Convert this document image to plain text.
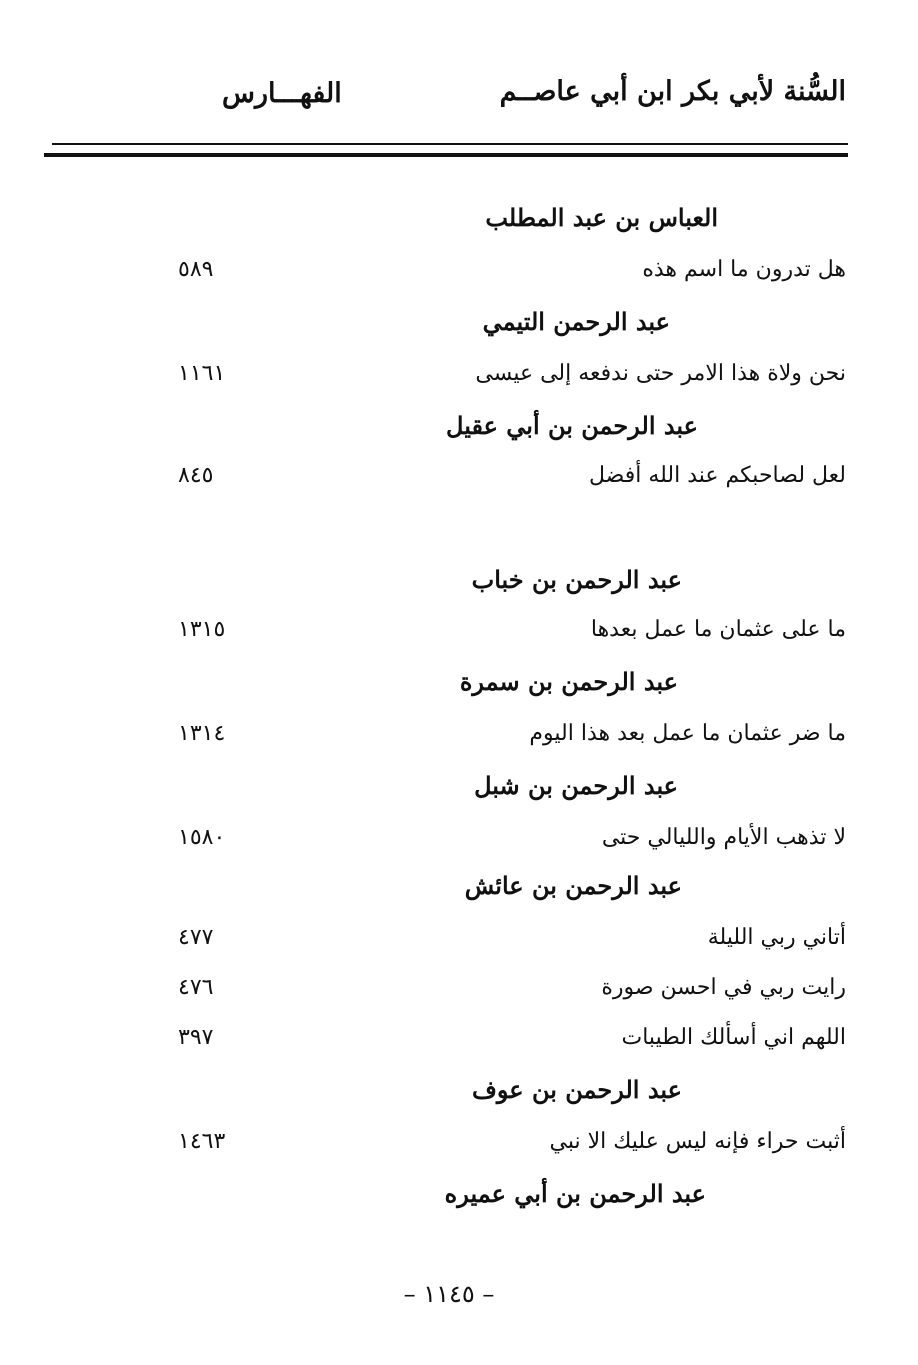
السُّنة لأبي بكر ابن أبي عاصــم
الفهـــارس
العباس بن عبد المطلب
هل تدرون ما اسم هذه
٥٨٩
عبد الرحمن التيمي
نحن ولاة هذا الامر حتى ندفعه إلى عيسى
١١٦١
عبد الرحمن بن أبي عقيل
لعل لصاحبكم عند الله أفضل
٨٤٥
عبد الرحمن بن خباب
ما على عثمان ما عمل بعدها
١٣١٥
عبد الرحمن بن سمرة
ما ضر عثمان ما عمل بعد هذا اليوم
١٣١٤
عبد الرحمن بن شبل
لا تذهب الأيام والليالي حتى
١٥٨٠
عبد الرحمن بن عائش
أتاني ربي الليلة
٤٧٧
رايت ربي في احسن صورة
٤٧٦
اللهم اني أسألك الطيبات
٣٩٧
عبد الرحمن بن عوف
أثبت حراء فإنه ليس عليك الا نبي
١٤٦٣
عبد الرحمن بن أبي عميره
– ١١٤٥ –
